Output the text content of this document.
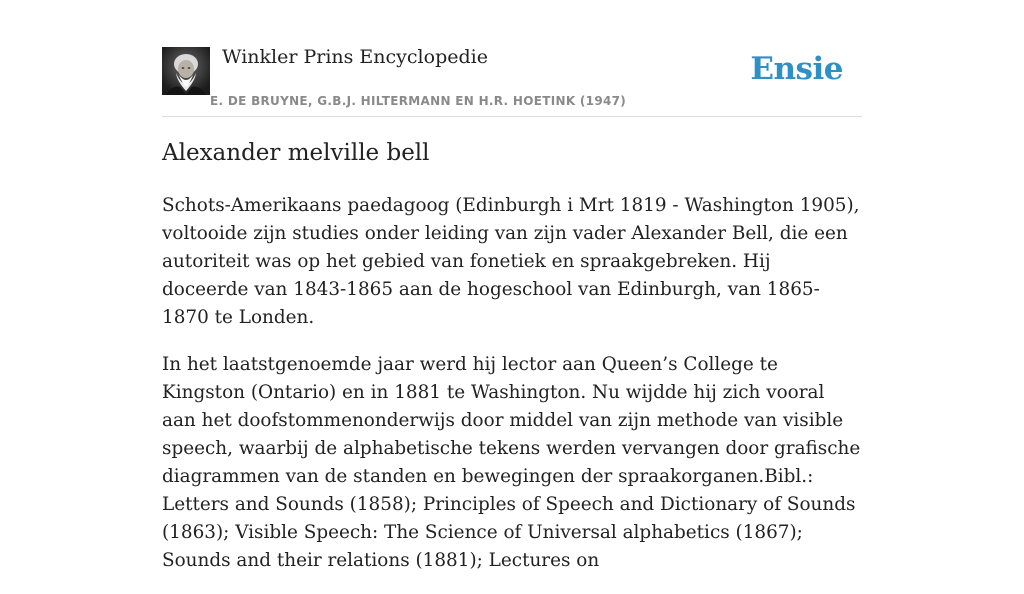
Winkler Prins Encyclopedie
E. DE BRUYNE, G.B.J. HILTERMANN EN H.R. HOETINK (1947)
Ensie
Alexander melville bell

Schots-Amerikaans paedagoog (Edinburgh i Mrt 1819 - Washington 1905), voltooide zijn studies onder leiding van zijn vader Alexander Bell, die een autoriteit was op het gebied van fonetiek en spraakgebreken. Hij doceerde van 1843-1865 aan de hogeschool van Edinburgh, van 1865-1870 te Londen.

In het laatstgenoemde jaar werd hij lector aan Queen’s College te Kingston (Ontario) en in 1881 te Washington. Nu wijdde hij zich vooral aan het doofstommenonderwijs door middel van zijn methode van visible speech, waarbij de alphabetische tekens werden vervangen door grafische diagrammen van de standen en bewegingen der spraakorganen.Bibl.: Letters and Sounds (1858); Principles of Speech and Dictionary of Sounds (1863); Visible Speech: The Science of Universal alphabetics (1867); Sounds and their relations (1881); Lectures on
